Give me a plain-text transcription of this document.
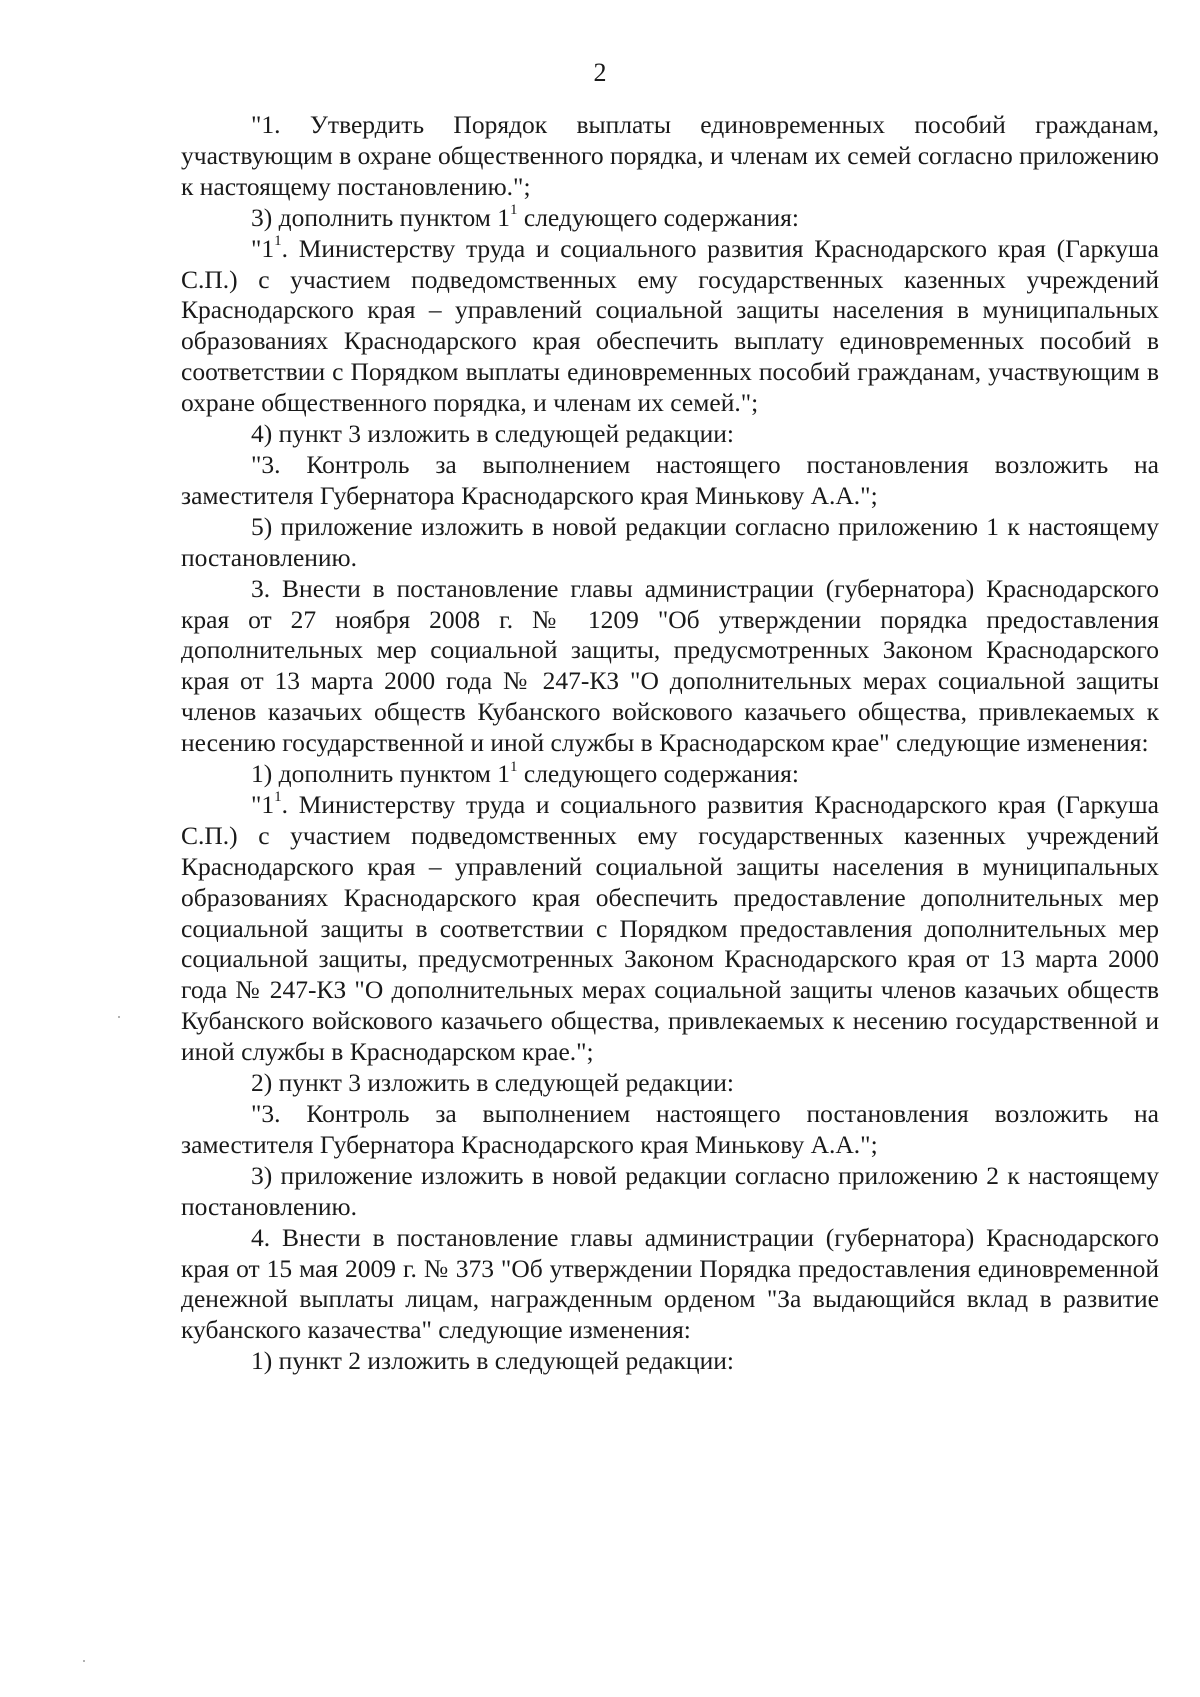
2

"1. Утвердить Порядок выплаты единовременных пособий гражданам, участвующим в охране общественного порядка, и членам их семей согласно приложению к настоящему постановлению.";

3) дополнить пунктом $1^1$ следующего содержания:

"$1^1$. Министерству труда и социального развития Краснодарского края (Гаркуша С.П.) с участием подведомственных ему государственных казенных учреждений Краснодарского края – управлений социальной защиты населения в муниципальных образованиях Краснодарского края обеспечить выплату единовременных пособий в соответствии с Порядком выплаты единовременных пособий гражданам, участвующим в охране общественного порядка, и членам их семей.";

4) пункт 3 изложить в следующей редакции:

"3. Контроль за выполнением настоящего постановления возложить на заместителя Губернатора Краснодарского края Минькову А.А.";

5) приложение изложить в новой редакции согласно приложению 1 к настоящему постановлению.

3. Внести в постановление главы администрации (губернатора) Краснодарского края от 27 ноября 2008 г. № 1209 "Об утверждении порядка предоставления дополнительных мер социальной защиты, предусмотренных Законом Краснодарского края от 13 марта 2000 года № 247-КЗ "О дополнительных мерах социальной защиты членов казачьих обществ Кубанского войскового казачьего общества, привлекаемых к несению государственной и иной службы в Краснодарском крае" следующие изменения:

1) дополнить пунктом $1^1$ следующего содержания:

"$1^1$. Министерству труда и социального развития Краснодарского края (Гаркуша С.П.) с участием подведомственных ему государственных казенных учреждений Краснодарского края – управлений социальной защиты населения в муниципальных образованиях Краснодарского края обеспечить предоставление дополнительных мер социальной защиты в соответствии с Порядком предоставления дополнительных мер социальной защиты, предусмотренных Законом Краснодарского края от 13 марта 2000 года № 247-КЗ "О дополнительных мерах социальной защиты членов казачьих обществ Кубанского войскового казачьего общества, привлекаемых к несению государственной и иной службы в Краснодарском крае.";

2) пункт 3 изложить в следующей редакции:

"3. Контроль за выполнением настоящего постановления возложить на заместителя Губернатора Краснодарского края Минькову А.А.";

3) приложение изложить в новой редакции согласно приложению 2 к настоящему постановлению.

4. Внести в постановление главы администрации (губернатора) Краснодарского края от 15 мая 2009 г. № 373 "Об утверждении Порядка предоставления единовременной денежной выплаты лицам, награжденным орденом "За выдающийся вклад в развитие кубанского казачества" следующие изменения:

1) пункт 2 изложить в следующей редакции:
